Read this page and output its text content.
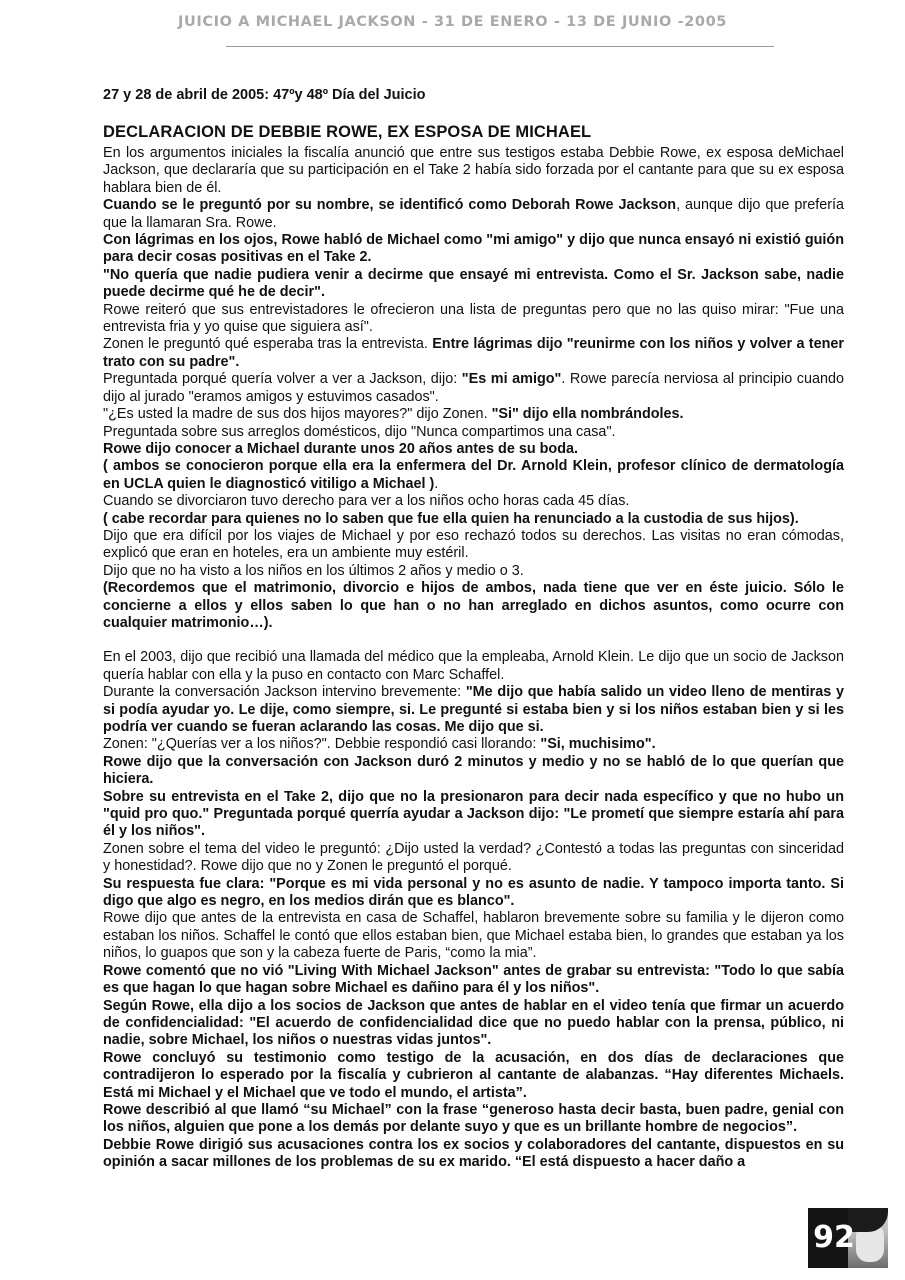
JUICIO A MICHAEL JACKSON - 31 DE ENERO - 13 DE JUNIO -2005
27 y 28 de abril de 2005: 47ºy 48º Día del Juicio
DECLARACION DE DEBBIE ROWE, EX ESPOSA DE MICHAEL

En los argumentos iniciales la fiscalía anunció que entre sus testigos estaba Debbie Rowe, ex esposa deMichael Jackson, que declararía que su participación en el Take 2 había sido forzada por el cantante para que su ex esposa hablara bien de él.

Cuando se le preguntó por su nombre, se identificó como Deborah Rowe Jackson, aunque dijo que prefería que la llamaran Sra. Rowe.

Con lágrimas en los ojos, Rowe habló de Michael como "mi amigo" y dijo que nunca ensayó ni existió guión para decir cosas positivas en el Take 2.

"No quería que nadie pudiera venir a decirme que ensayé mi entrevista. Como el Sr. Jackson sabe, nadie puede decirme qué he de decir".

Rowe reiteró que sus entrevistadores le ofrecieron una lista de preguntas pero que no las quiso mirar: "Fue una entrevista fria y yo quise que siguiera así".

Zonen le preguntó qué esperaba tras la entrevista. Entre lágrimas dijo "reunirme con los niños y volver a tener trato con su padre".

Preguntada porqué quería volver a ver a Jackson, dijo: "Es mi amigo". Rowe parecía nerviosa al principio cuando dijo al jurado "eramos amigos y estuvimos casados".

"¿Es usted la madre de sus dos hijos mayores?" dijo Zonen. "Si" dijo ella nombrándoles.

Preguntada sobre sus arreglos domésticos, dijo "Nunca compartimos una casa".

Rowe dijo conocer a Michael durante unos 20 años antes de su boda.

( ambos se conocieron porque ella era la enfermera del Dr. Arnold Klein, profesor clínico de dermatología en UCLA quien le diagnosticó vitiligo a Michael ).

Cuando se divorciaron tuvo derecho para ver a los niños ocho horas cada 45 días.

( cabe recordar para quienes no lo saben que fue ella quien ha renunciado a la custodia de sus hijos).

Dijo que era difícil por los viajes de Michael y por eso rechazó todos su derechos. Las visitas no eran cómodas, explicó que eran en hoteles, era un ambiente muy estéril.

Dijo que no ha visto a los niños en los últimos 2 años y medio o 3.

(Recordemos que el matrimonio, divorcio e hijos de ambos, nada tiene que ver en éste juicio. Sólo le concierne a ellos y ellos saben lo que han o no han arreglado en dichos asuntos, como ocurre con cualquier matrimonio…).

En el 2003, dijo que recibió una llamada del médico que la empleaba, Arnold Klein. Le dijo que un socio de Jackson quería hablar con ella y la puso en contacto con Marc Schaffel.

Durante la conversación Jackson intervino brevemente: "Me dijo que había salido un video lleno de mentiras y si podía ayudar yo. Le dije, como siempre, si. Le pregunté si estaba bien y si los niños estaban bien y si les podría ver cuando se fueran aclarando las cosas. Me dijo que si.

Zonen: "¿Querías ver a los niños?". Debbie respondió casi llorando: "Si, muchisimo".

Rowe dijo que la conversación con Jackson duró 2 minutos y medio y no se habló de lo que querían que hiciera.

Sobre su entrevista en el Take 2, dijo que no la presionaron para decir nada específico y que no hubo un "quid pro quo." Preguntada porqué querría ayudar a Jackson dijo: "Le prometí que siempre estaría ahí para él y los niños".

Zonen sobre el tema del video le preguntó: ¿Dijo usted la verdad? ¿Contestó a todas las preguntas con sinceridad y honestidad?. Rowe dijo que no y Zonen le preguntó el porqué.

Su respuesta fue clara: "Porque es mi vida personal y no es asunto de nadie. Y tampoco importa tanto. Si digo que algo es negro, en los medios dirán que es blanco".

Rowe dijo que antes de la entrevista en casa de Schaffel, hablaron brevemente sobre su familia y le dijeron como estaban los niños. Schaffel le contó que ellos estaban bien, que Michael estaba bien, lo grandes que estaban ya los niños, lo guapos que son y la cabeza fuerte de Paris, “como la mia”.

Rowe comentó que no vió "Living With Michael Jackson" antes de grabar su entrevista: "Todo lo que sabía es que hagan lo que hagan sobre Michael es dañino para él y los niños".

Según Rowe, ella dijo a los socios de Jackson que antes de hablar en el video tenía que firmar un acuerdo de confidencialidad: "El acuerdo de confidencialidad dice que no puedo hablar con la prensa, público, ni nadie, sobre Michael, los niños o nuestras vidas juntos".

Rowe concluyó su testimonio como testigo de la acusación, en dos días de declaraciones que contradijeron lo esperado por la fiscalía y cubrieron al cantante de alabanzas. “Hay diferentes Michaels. Está mi Michael y el Michael que ve todo el mundo, el artista”.

Rowe describió al que llamó “su Michael” con la frase “generoso hasta decir basta, buen padre, genial con los niños, alguien que pone a los demás por delante suyo y que es un brillante hombre de negocios”.

Debbie Rowe dirigió sus acusaciones contra los ex socios y colaboradores del cantante, dispuestos en su opinión a sacar millones de los problemas de su ex marido. “El está dispuesto a hacer daño a

92
